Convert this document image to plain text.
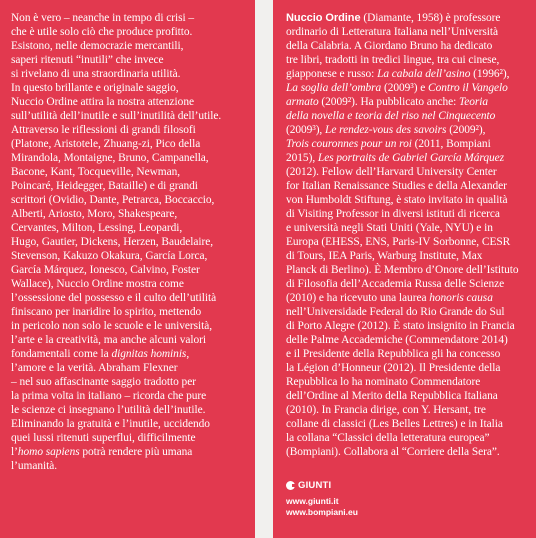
Non è vero – neanche in tempo di crisi –
che è utile solo ciò che produce profitto.
Esistono, nelle democrazie mercantili,
saperi ritenuti “inutili” che invece
si rivelano di una straordinaria utilità.
In questo brillante e originale saggio,
Nuccio Ordine attira la nostra attenzione
sull’utilità dell’inutile e sull’inutilità dell’utile.
Attraverso le riflessioni di grandi filosofi
(Platone, Aristotele, Zhuang-zi, Pico della
Mirandola, Montaigne, Bruno, Campanella,
Bacone, Kant, Tocqueville, Newman,
Poincaré, Heidegger, Bataille) e di grandi
scrittori (Ovidio, Dante, Petrarca, Boccaccio,
Alberti, Ariosto, Moro, Shakespeare,
Cervantes, Milton, Lessing, Leopardi,
Hugo, Gautier, Dickens, Herzen, Baudelaire,
Stevenson, Kakuzo Okakura, García Lorca,
García Márquez, Ionesco, Calvino, Foster
Wallace), Nuccio Ordine mostra come
l’ossessione del possesso e il culto dell’utilità
finiscano per inaridire lo spirito, mettendo
in pericolo non solo le scuole e le università,
l’arte e la creatività, ma anche alcuni valori
fondamentali come la dignitas hominis,
l’amore e la verità. Abraham Flexner
– nel suo affascinante saggio tradotto per
la prima volta in italiano – ricorda che pure
le scienze ci insegnano l’utilità dell’inutile.
Eliminando la gratuità e l’inutile, uccidendo
quei lussi ritenuti superflui, difficilmente
l’homo sapiens potrà rendere più umana
l’umanità.
Nuccio Ordine (Diamante, 1958) è professore
ordinario di Letteratura Italiana nell’Università
della Calabria. A Giordano Bruno ha dedicato
tre libri, tradotti in tredici lingue, tra cui cinese,
giapponese e russo: La cabala dell’asino (1996²),
La soglia dell’ombra (2009³) e Contro il Vangelo
armato (2009²). Ha pubblicato anche: Teoria
della novella e teoria del riso nel Cinquecento
(2009³), Le rendez-vous des savoirs (2009²),
Trois couronnes pour un roi (2011, Bompiani
2015), Les portraits de Gabriel García Márquez
(2012). Fellow dell’Harvard University Center
for Italian Renaissance Studies e della Alexander
von Humboldt Stiftung, è stato invitato in qualità
di Visiting Professor in diversi istituti di ricerca
e università negli Stati Uniti (Yale, NYU) e in
Europa (EHESS, ENS, Paris-IV Sorbonne, CESR
di Tours, IEA Paris, Warburg Institute, Max
Planck di Berlino). È Membro d’Onore dell’Istituto
di Filosofia dell’Accademia Russa delle Scienze
(2010) e ha ricevuto una laurea honoris causa
nell’Universidade Federal do Rio Grande do Sul
di Porto Alegre (2012). È stato insignito in Francia
delle Palme Accademiche (Commendatore 2014)
e il Presidente della Repubblica gli ha concesso
la Légion d’Honneur (2012). Il Presidente della
Repubblica lo ha nominato Commendatore
dell’Ordine al Merito della Repubblica Italiana
(2010). In Francia dirige, con Y. Hersant, tre
collane di classici (Les Belles Lettres) e in Italia
la collana “Classici della letteratura europea”
(Bompiani). Collabora al “Corriere della Sera”.
GIUNTI
www.giunti.it
www.bompiani.eu
